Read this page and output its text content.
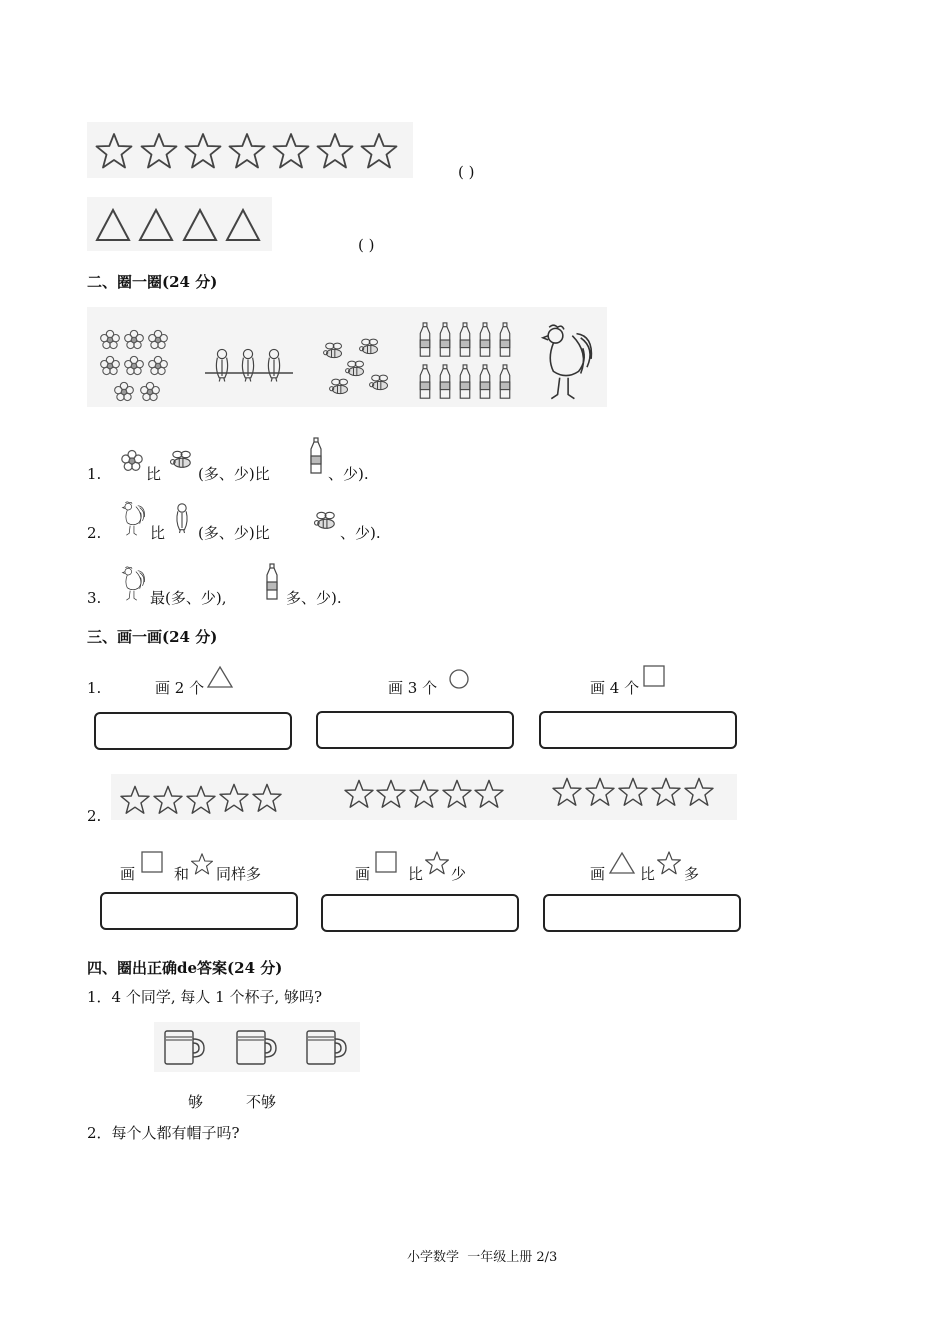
( )
( )
二、圈一圈(24 分)
1.	比 (多、少)比	、少).
2.	比 (多、少)比	、少).
3.	最(多、少),	多、少).
三、画一画(24 分)
1.	画 2 个	画 3 个	画 4 个
2.
画	和 同样多	画	比 少	画 比 多
四、圈出正确de答案(24 分)
1．4 个同学, 每人 1 个杯子, 够吗?
够	不够
2．每个人都有帽子吗?
小学数学  一年级上册 2/3
